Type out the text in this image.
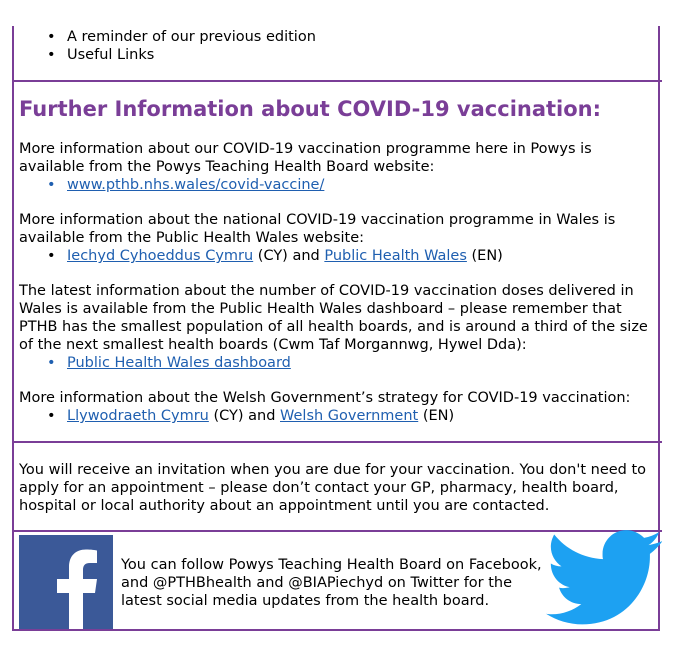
• A reminder of our previous edition
• Useful Links
Further Information about COVID-19 vaccination:
More information about our COVID-19 vaccination programme here in Powys is available from the Powys Teaching Health Board website:
• www.pthb.nhs.wales/covid-vaccine/
More information about the national COVID-19 vaccination programme in Wales is available from the Public Health Wales website:
• Iechyd Cyhoeddus Cymru (CY) and Public Health Wales (EN)
The latest information about the number of COVID-19 vaccination doses delivered in Wales is available from the Public Health Wales dashboard – please remember that PTHB has the smallest population of all health boards, and is around a third of the size of the next smallest health boards (Cwm Taf Morgannwg, Hywel Dda):
• Public Health Wales dashboard
More information about the Welsh Government’s strategy for COVID-19 vaccination:
• Llywodraeth Cymru (CY) and Welsh Government (EN)
You will receive an invitation when you are due for your vaccination. You don't need to apply for an appointment – please don’t contact your GP, pharmacy, health board, hospital or local authority about an appointment until you are contacted.
You can follow Powys Teaching Health Board on Facebook, and @PTHBhealth and @BIAPiechyd on Twitter for the latest social media updates from the health board.
